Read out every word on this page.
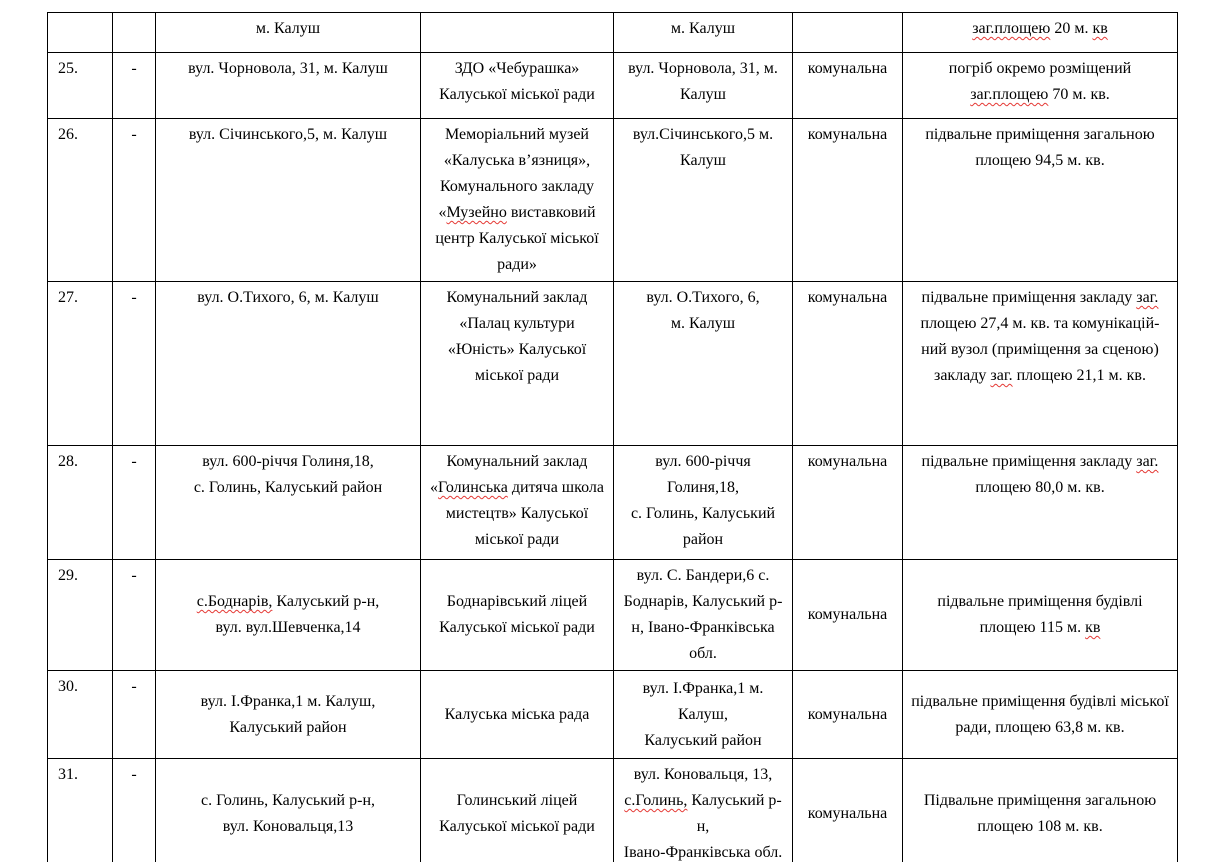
		м. Калуш		м. Калуш		заг.площею 20 м. кв
25.	-	вул. Чорновола, 31, м. Калуш	ЗДО «Чебурашка» Калуської міської ради	вул. Чорновола, 31, м. Калуш	комунальна	погріб окремо розміщений заг.площею 70 м. кв.
26.	-	вул. Січинського,5, м. Калуш	Меморіальний музей «Калуська в’язниця», Комунального закладу «Музейно виставковий центр Калуської міської ради»	вул.Січинського,5 м. Калуш	комунальна	підвальне приміщення загальною площею 94,5 м. кв.
27.	-	вул. О.Тихого, 6, м. Калуш	Комунальний заклад «Палац культури «Юність» Калуської міської ради	вул. О.Тихого, 6,
м. Калуш	комунальна	підвальне приміщення закладу заг. площею 27,4 м. кв. та комунікацій-ний вузол (приміщення за сценою) закладу заг. площею 21,1 м. кв.
28.	-	вул. 600-річчя Голиня,18,
с. Голинь, Калуський район	Комунальний заклад «Голинська дитяча школа мистецтв» Калуської міської ради	вул. 600-річчя Голиня,18,
с. Голинь, Калуський район	комунальна	підвальне приміщення закладу заг. площею 80,0 м. кв.
29.	-	с.Боднарів, Калуський р-н,
вул. вул.Шевченка,14	Боднарівський ліцей Калуської міської ради	вул. С. Бандери,6 с. Боднарів, Калуський р-н, Івано-Франківська обл.	комунальна	підвальне приміщення будівлі площею 115 м. кв
30.	-	вул. І.Франка,1 м. Калуш,
Калуський район	Калуська міська рада	вул. І.Франка,1 м. Калуш,
Калуський район	комунальна	підвальне приміщення будівлі міської ради, площею 63,8 м. кв.
31.	-	с. Голинь, Калуський р-н,
вул. Коновальця,13	Голинський ліцей Калуської міської ради	вул. Коновальця, 13,
с.Голинь, Калуський р-н,
Івано-Франківська обл.	комунальна	Підвальне приміщення загальною площею 108 м. кв.
